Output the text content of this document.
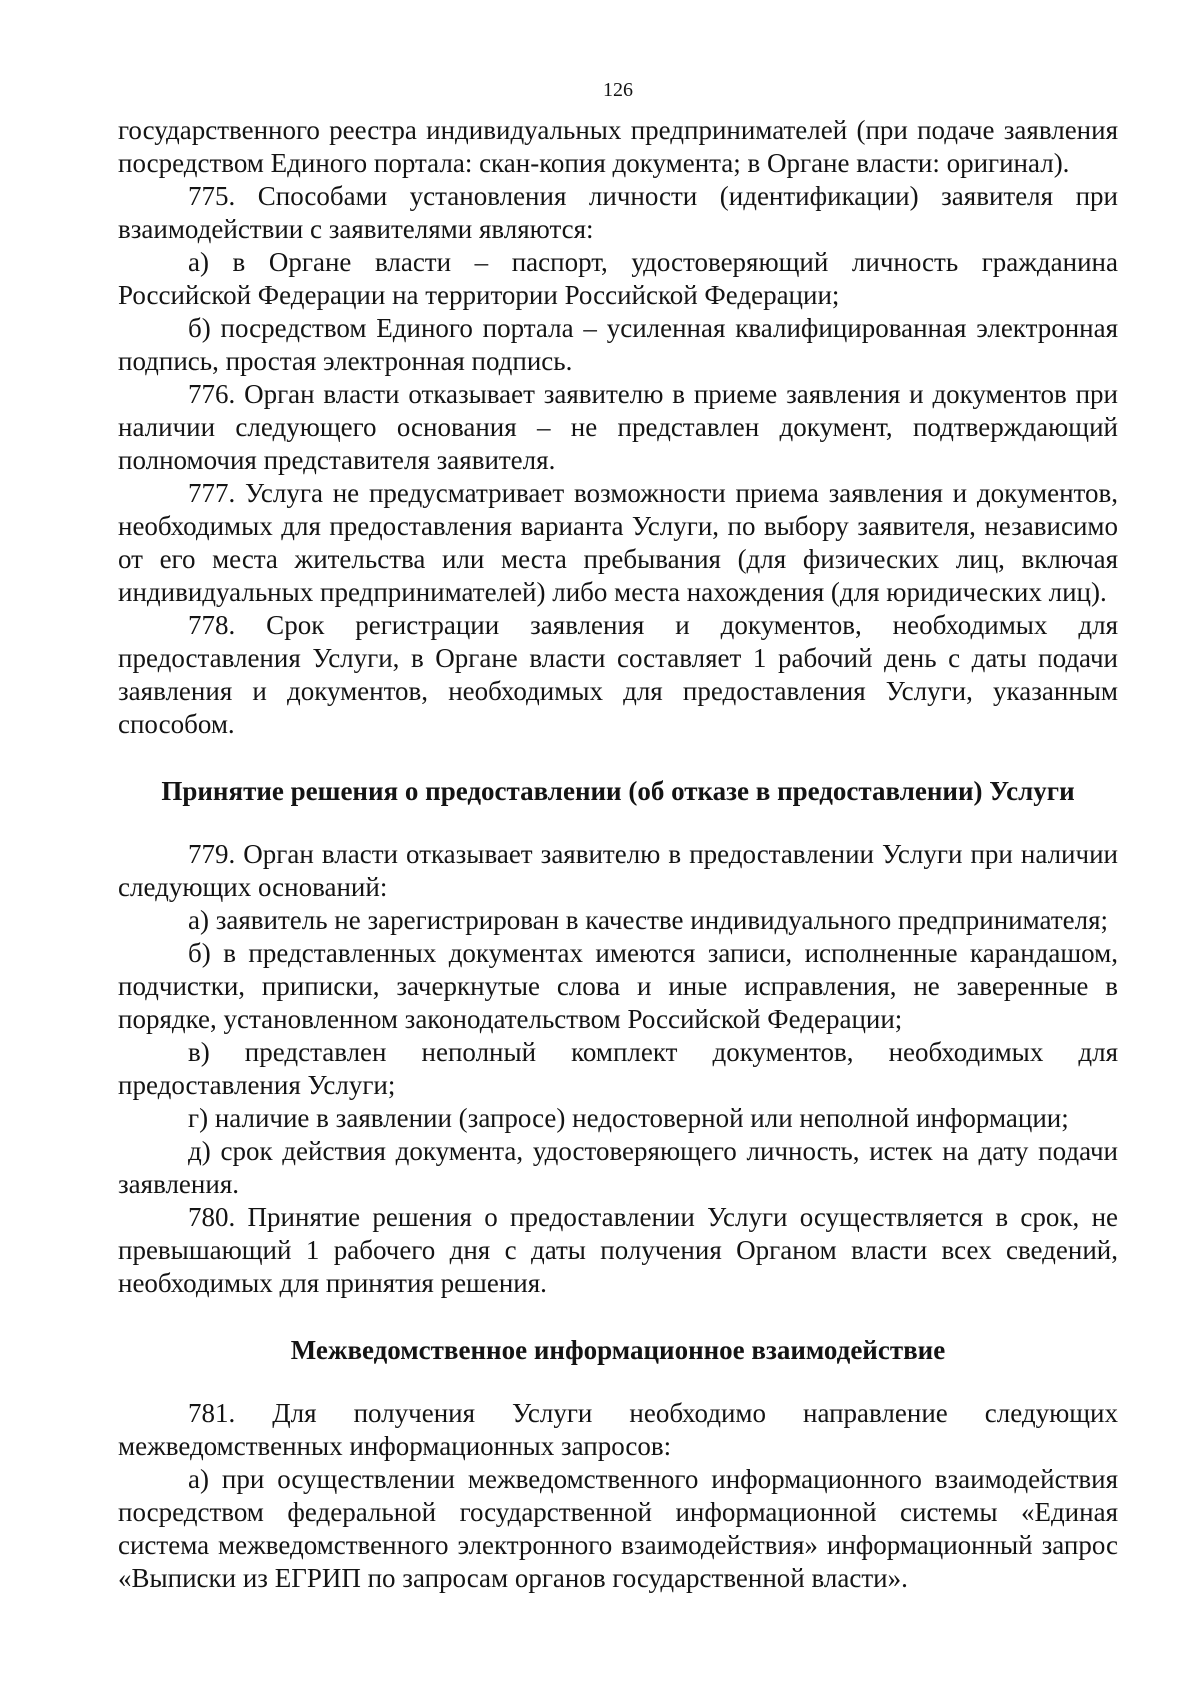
126

государственного реестра индивидуальных предпринимателей (при подаче заявления посредством Единого портала: скан-копия документа; в Органе власти: оригинал).

775. Способами установления личности (идентификации) заявителя при взаимодействии с заявителями являются:

а) в Органе власти – паспорт, удостоверяющий личность гражданина Российской Федерации на территории Российской Федерации;

б) посредством Единого портала – усиленная квалифицированная электронная подпись, простая электронная подпись.

776. Орган власти отказывает заявителю в приеме заявления и документов при наличии следующего основания – не представлен документ, подтверждающий полномочия представителя заявителя.

777. Услуга не предусматривает возможности приема заявления и документов, необходимых для предоставления варианта Услуги, по выбору заявителя, независимо от его места жительства или места пребывания (для физических лиц, включая индивидуальных предпринимателей) либо места нахождения (для юридических лиц).

778. Срок регистрации заявления и документов, необходимых для предоставления Услуги, в Органе власти составляет 1 рабочий день с даты подачи заявления и документов, необходимых для предоставления Услуги, указанным способом.

Принятие решения о предоставлении (об отказе в предоставлении) Услуги

779. Орган власти отказывает заявителю в предоставлении Услуги при наличии следующих оснований:

а) заявитель не зарегистрирован в качестве индивидуального предпринимателя;

б) в представленных документах имеются записи, исполненные карандашом, подчистки, приписки, зачеркнутые слова и иные исправления, не заверенные в порядке, установленном законодательством Российской Федерации;

в) представлен неполный комплект документов, необходимых для предоставления Услуги;

г) наличие в заявлении (запросе) недостоверной или неполной информации;

д) срок действия документа, удостоверяющего личность, истек на дату подачи заявления.

780. Принятие решения о предоставлении Услуги осуществляется в срок, не превышающий 1 рабочего дня с даты получения Органом власти всех сведений, необходимых для принятия решения.

Межведомственное информационное взаимодействие

781. Для получения Услуги необходимо направление следующих межведомственных информационных запросов:

а) при осуществлении межведомственного информационного взаимодействия посредством федеральной государственной информационной системы «Единая система межведомственного электронного взаимодействия» информационный запрос «Выписки из ЕГРИП по запросам органов государственной власти».
